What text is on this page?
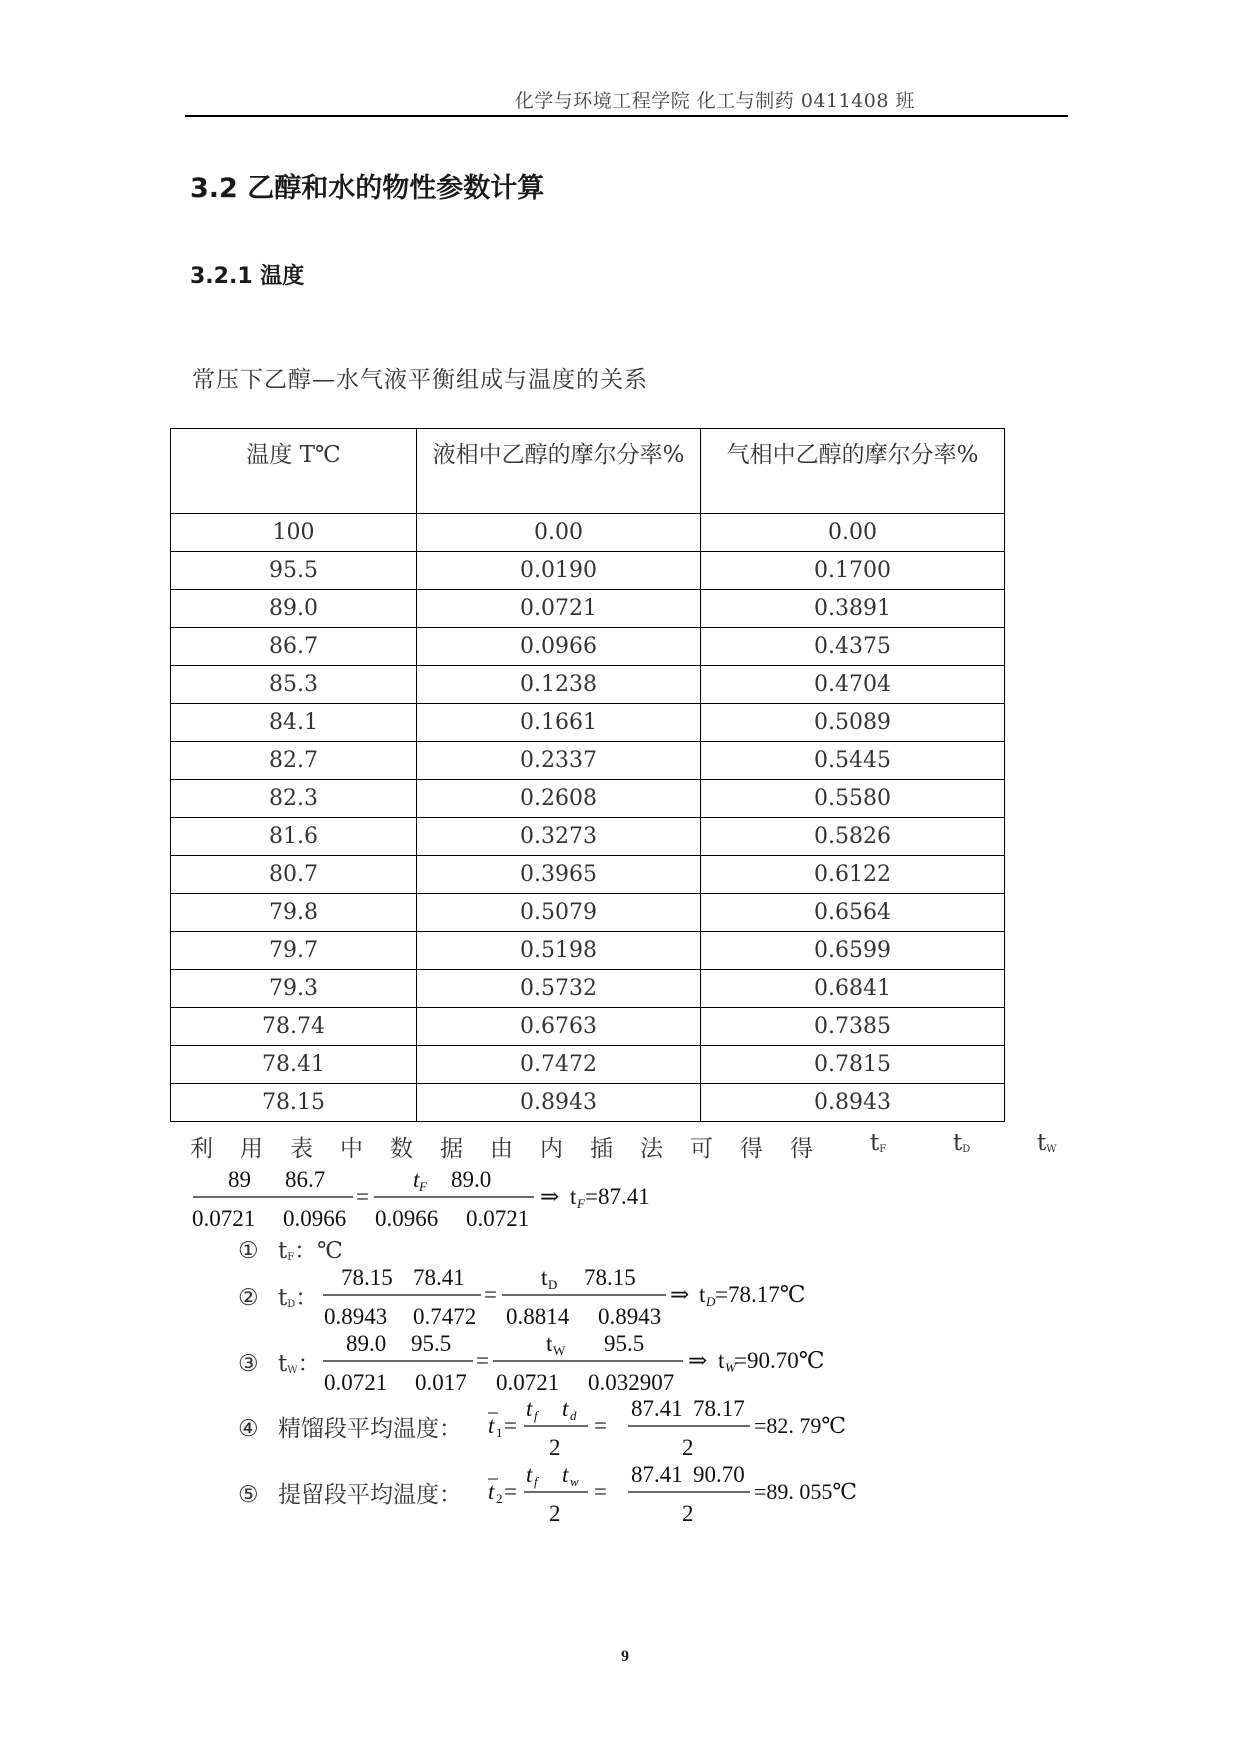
化学与环境工程学院 化工与制药 0411408 班
3.2 乙醇和水的物性参数计算
3.2.1 温度
常压下乙醇—水气液平衡组成与温度的关系
温度 T℃	液相中乙醇的摩尔分率%	气相中乙醇的摩尔分率%
100	0.00	0.00
95.5	0.0190	0.1700
89.0	0.0721	0.3891
86.7	0.0966	0.4375
85.3	0.1238	0.4704
84.1	0.1661	0.5089
82.7	0.2337	0.5445
82.3	0.2608	0.5580
81.6	0.3273	0.5826
80.7	0.3965	0.6122
79.8	0.5079	0.6564
79.7	0.5198	0.6599
79.3	0.5732	0.6841
78.74	0.6763	0.7385
78.41	0.7472	0.7815
78.15	0.8943	0.8943
利 用 表 中 数 据 由 内 插 法 可 得 得 $t_F$	$t_D$	$t_W$
89 86.7
0.0721 0.0966
=
t F 89.0
0.0966 0.0721
⇒ t F =87.41
① $t_F$：℃
② $t_D$：
78.15 78.41
0.8943 0.7472
=
t D 78.15
0.8814 0.8943
⇒ t D =78.17℃
③ $t_W$：
89.0 95.5
0.0721 0.017
=
t W 95.5
0.0721 0.032907
⇒ t W
=90.70℃
④ 精馏段平均温度： t 1 =
t f t d
2
=
87.41 78.17
2
=82. 79℃
⑤ 提留段平均温度： t 2 =
t f t w
2
=
87.41 90.70
2
=89. 055℃
9
